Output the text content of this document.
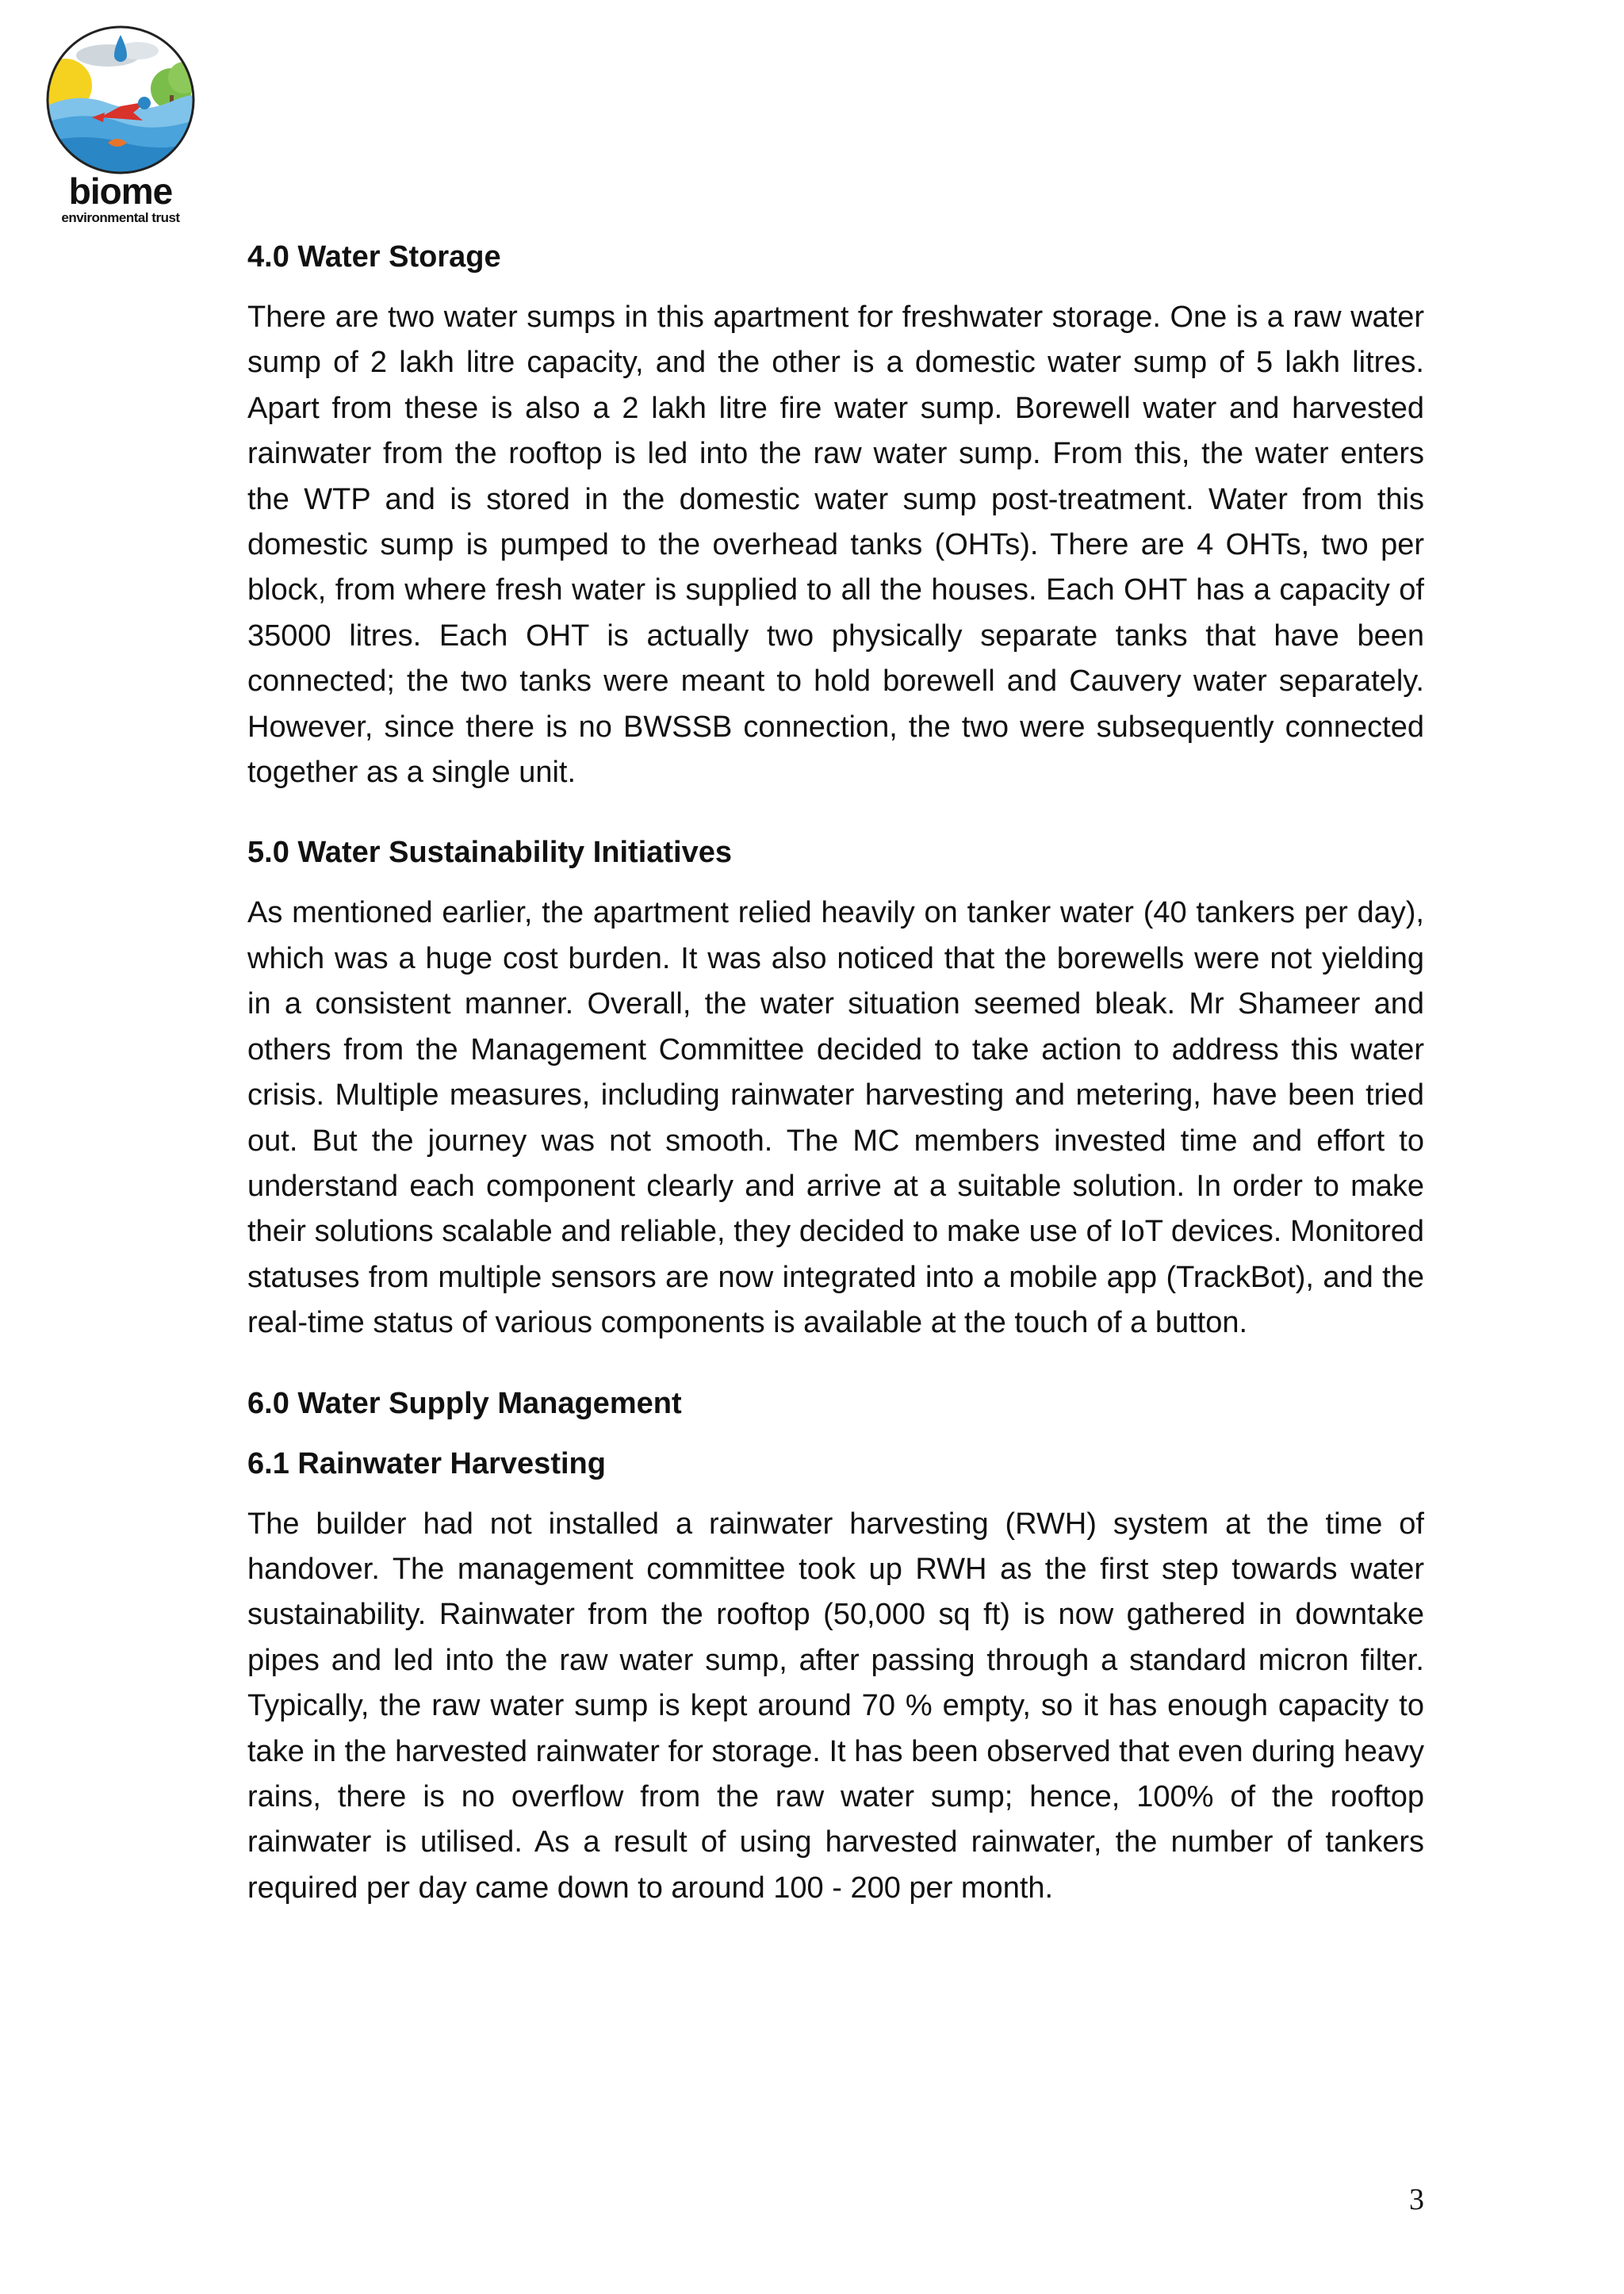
biome
environmental trust
4.0 Water Storage

There are two water sumps in this apartment for freshwater storage. One is a raw water sump of 2 lakh litre capacity, and the other is a domestic water sump of 5 lakh litres. Apart from these is also a 2 lakh litre fire water sump. Borewell water and harvested rainwater from the rooftop is led into the raw water sump. From this, the water enters the WTP and is stored in the domestic water sump post-treatment. Water from this domestic sump is pumped to the overhead tanks (OHTs). There are 4 OHTs, two per block, from where fresh water is supplied to all the houses. Each OHT has a capacity of 35000 litres. Each OHT is actually two physically separate tanks that have been connected; the two tanks were meant to hold borewell and Cauvery water separately. However, since there is no BWSSB connection, the two were subsequently connected together as a single unit.

5.0 Water Sustainability Initiatives

As mentioned earlier, the apartment relied heavily on tanker water (40 tankers per day), which was a huge cost burden. It was also noticed that the borewells were not yielding in a consistent manner. Overall, the water situation seemed bleak. Mr Shameer and others from the Management Committee decided to take action to address this water crisis. Multiple measures, including rainwater harvesting and metering, have been tried out. But the journey was not smooth. The MC members invested time and effort to understand each component clearly and arrive at a suitable solution. In order to make their solutions scalable and reliable, they decided to make use of IoT devices. Monitored statuses from multiple sensors are now integrated into a mobile app (TrackBot), and the real-time status of various components is available at the touch of a button.

6.0 Water Supply Management
6.1 Rainwater Harvesting

The builder had not installed a rainwater harvesting (RWH) system at the time of handover. The management committee took up RWH as the first step towards water sustainability. Rainwater from the rooftop (50,000 sq ft) is now gathered in downtake pipes and led into the raw water sump, after passing through a standard micron filter. Typically, the raw water sump is kept around 70 % empty, so it has enough capacity to take in the harvested rainwater for storage. It has been observed that even during heavy rains, there is no overflow from the raw water sump; hence, 100% of the rooftop rainwater is utilised. As a result of using harvested rainwater, the number of tankers required per day came down to around 100 - 200 per month.

3
